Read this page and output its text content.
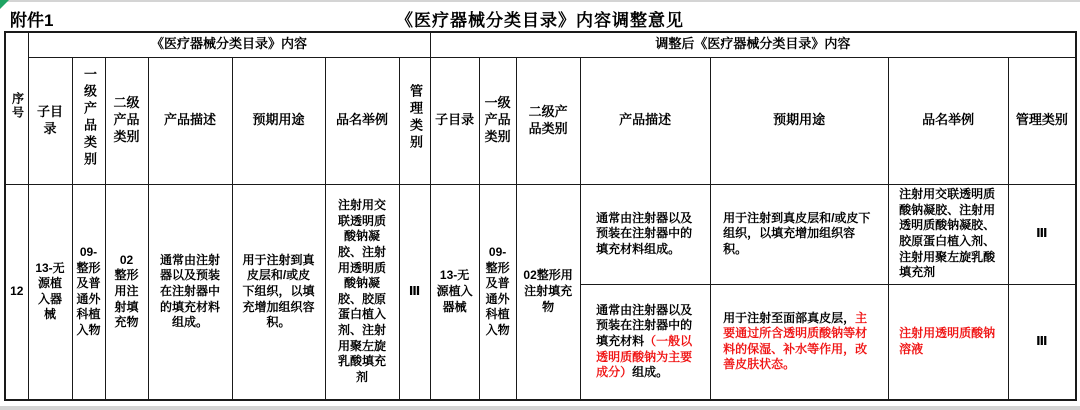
附件1	《医疗器械分类目录》内容调整意见
序号	《医疗器械分类目录》内容							调整后《医疗器械分类目录》内容						
	子目录	一级产品类别	二级产品类别	产品描述	预期用途	品名举例	管理类别	子目录	一级产品类别	二级产品类别	产品描述	预期用途	品名举例	管理类别
12	13-无源植入器械	09-整形及普通外科植入物	02整形用注射填充物	通常由注射器以及预装在注射器中的填充材料组成。	用于注射到真皮层和/或皮下组织，以填充增加组织容积。	注射用交联透明质酸钠凝胶、注射用透明质酸钠凝胶、胶原蛋白植入剂、注射用聚左旋乳酸填充剂	Ⅲ	13-无源植入器械	09-整形及普通外科植入物	02整形用注射填充物	通常由注射器以及预装在注射器中的填充材料组成。	用于注射到真皮层和/或皮下组织，以填充增加组织容积。	注射用交联透明质酸钠凝胶、注射用透明质酸钠凝胶、胶原蛋白植入剂、注射用聚左旋乳酸填充剂	Ⅲ
											通常由注射器以及预装在注射器中的填充材料（一般以透明质酸钠为主要成分）组成。	用于注射至面部真皮层，主要通过所含透明质酸钠等材料的保湿、补水等作用，改善皮肤状态。	注射用透明质酸钠溶液	Ⅲ
